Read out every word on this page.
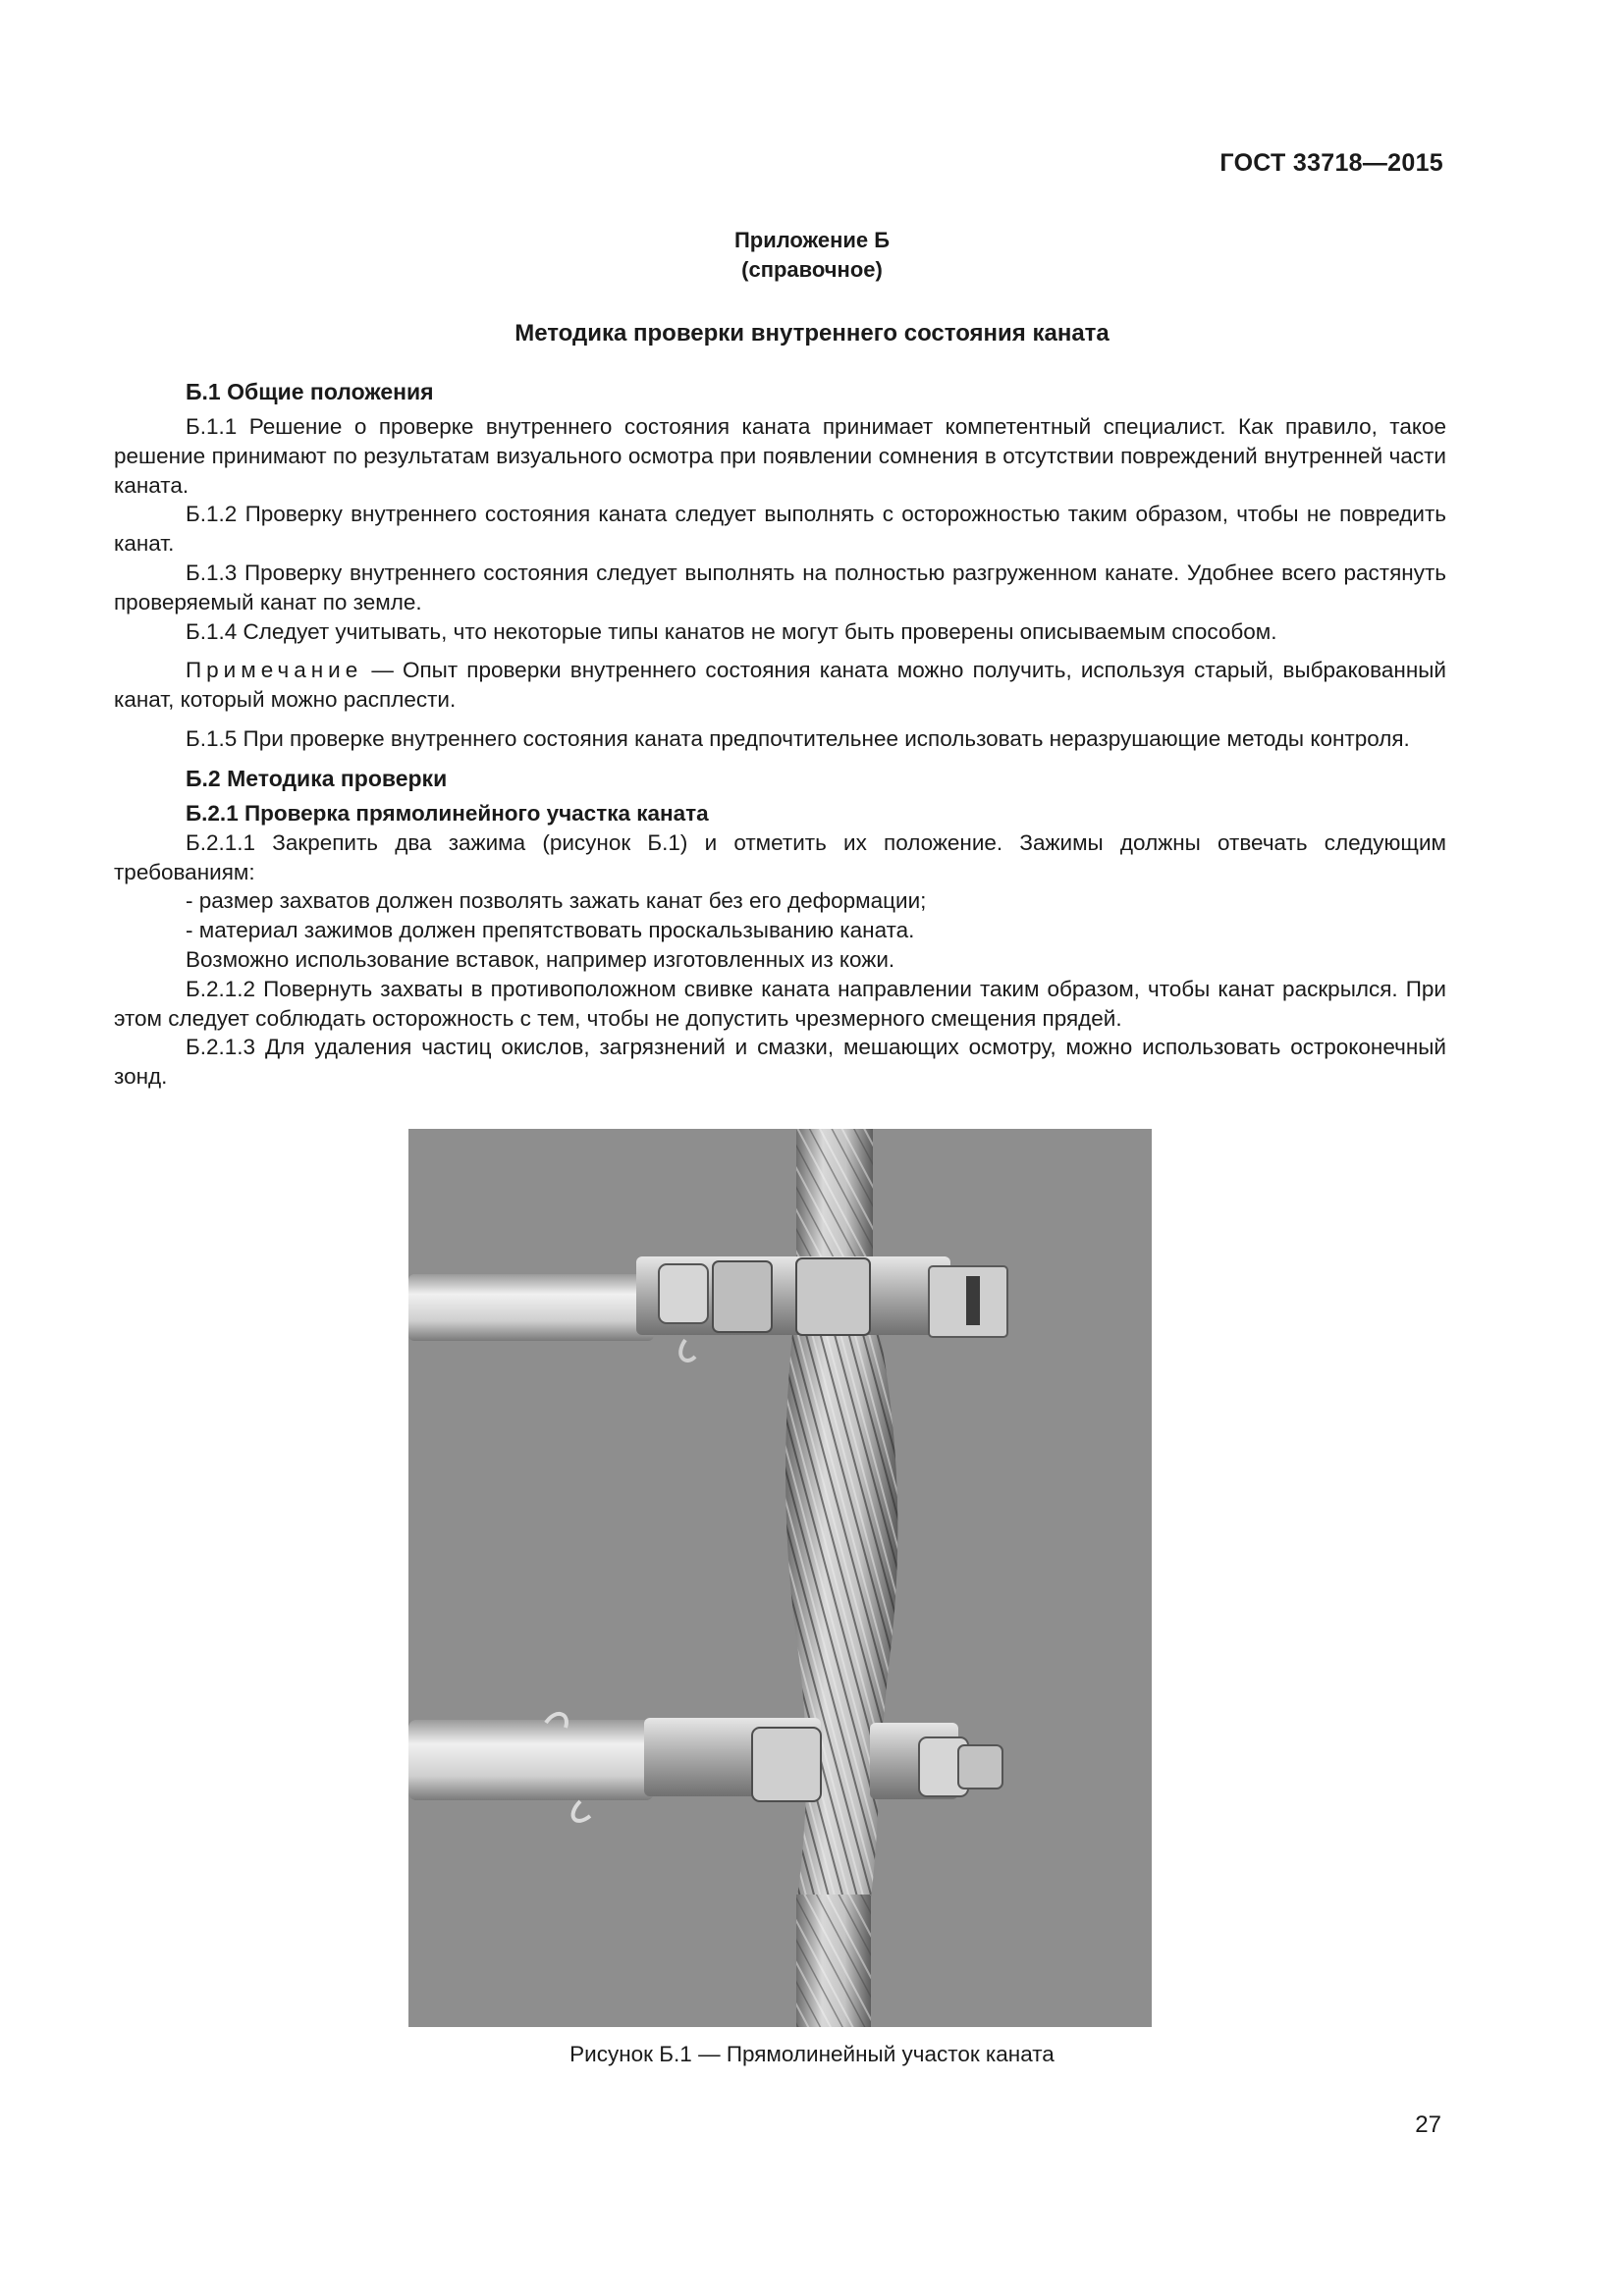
ГОСТ 33718—2015
Приложение Б
(справочное)
Методика проверки внутреннего состояния каната
Б.1 Общие положения

Б.1.1 Решение о проверке внутреннего состояния каната принимает компетентный специалист. Как правило, такое решение принимают по результатам визуального осмотра при появлении сомнения в отсутствии повреждений внутренней части каната.

Б.1.2 Проверку внутреннего состояния каната следует выполнять с осторожностью таким образом, чтобы не повредить канат.

Б.1.3 Проверку внутреннего состояния следует выполнять на полностью разгруженном канате. Удобнее всего растянуть проверяемый канат по земле.

Б.1.4 Следует учитывать, что некоторые типы канатов не могут быть проверены описываемым способом.

Примечание — Опыт проверки внутреннего состояния каната можно получить, используя старый, выбракованный канат, который можно расплести.

Б.1.5 При проверке внутреннего состояния каната предпочтительнее использовать неразрушающие методы контроля.

Б.2 Методика проверки
Б.2.1 Проверка прямолинейного участка каната

Б.2.1.1 Закрепить два зажима (рисунок Б.1) и отметить их положение. Зажимы должны отвечать следующим требованиям:

- размер захватов должен позволять зажать канат без его деформации;

- материал зажимов должен препятствовать проскальзыванию каната.

Возможно использование вставок, например изготовленных из кожи.

Б.2.1.2 Повернуть захваты в противоположном свивке каната направлении таким образом, чтобы канат раскрылся. При этом следует соблюдать осторожность с тем, чтобы не допустить чрезмерного смещения прядей.

Б.2.1.3 Для удаления частиц окислов, загрязнений и смазки, мешающих осмотру, можно использовать остроконечный зонд.

Рисунок Б.1 — Прямолинейный участок каната
27
